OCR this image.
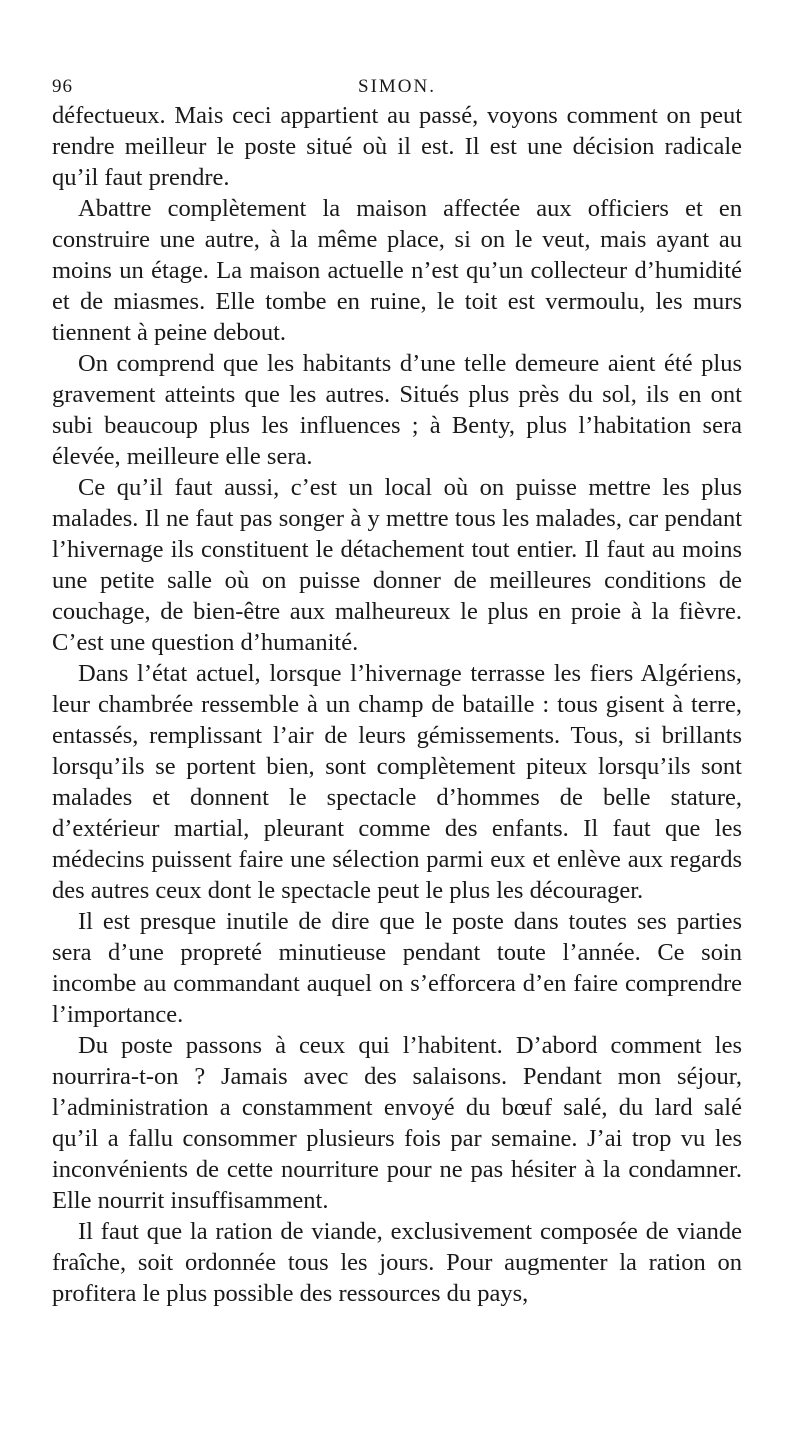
96	SIMON.

défectueux. Mais ceci appartient au passé, voyons comment on peut rendre meilleur le poste situé où il est. Il est une décision radicale qu’il faut prendre.

Abattre complètement la maison affectée aux officiers et en construire une autre, à la même place, si on le veut, mais ayant au moins un étage. La maison actuelle n’est qu’un collecteur d’humidité et de miasmes. Elle tombe en ruine, le toit est vermoulu, les murs tiennent à peine debout.

On comprend que les habitants d’une telle demeure aient été plus gravement atteints que les autres. Situés plus près du sol, ils en ont subi beaucoup plus les influences ; à Benty, plus l’habitation sera élevée, meilleure elle sera.

Ce qu’il faut aussi, c’est un local où on puisse mettre les plus malades. Il ne faut pas songer à y mettre tous les malades, car pendant l’hivernage ils constituent le détachement tout entier. Il faut au moins une petite salle où on puisse donner de meilleures conditions de couchage, de bien-être aux malheureux le plus en proie à la fièvre. C’est une question d’humanité.

Dans l’état actuel, lorsque l’hivernage terrasse les fiers Algériens, leur chambrée ressemble à un champ de bataille : tous gisent à terre, entassés, remplissant l’air de leurs gémissements. Tous, si brillants lorsqu’ils se portent bien, sont complètement piteux lorsqu’ils sont malades et donnent le spectacle d’hommes de belle stature, d’extérieur martial, pleurant comme des enfants. Il faut que les médecins puissent faire une sélection parmi eux et enlève aux regards des autres ceux dont le spectacle peut le plus les décourager.

Il est presque inutile de dire que le poste dans toutes ses parties sera d’une propreté minutieuse pendant toute l’année. Ce soin incombe au commandant auquel on s’efforcera d’en faire comprendre l’importance.

Du poste passons à ceux qui l’habitent. D’abord comment les nourrira-t-on ? Jamais avec des salaisons. Pendant mon séjour, l’administration a constamment envoyé du bœuf salé, du lard salé qu’il a fallu consommer plusieurs fois par semaine. J’ai trop vu les inconvénients de cette nourriture pour ne pas hésiter à la condamner. Elle nourrit insuffisamment.

Il faut que la ration de viande, exclusivement composée de viande fraîche, soit ordonnée tous les jours. Pour augmenter la ration on profitera le plus possible des ressources du pays,
